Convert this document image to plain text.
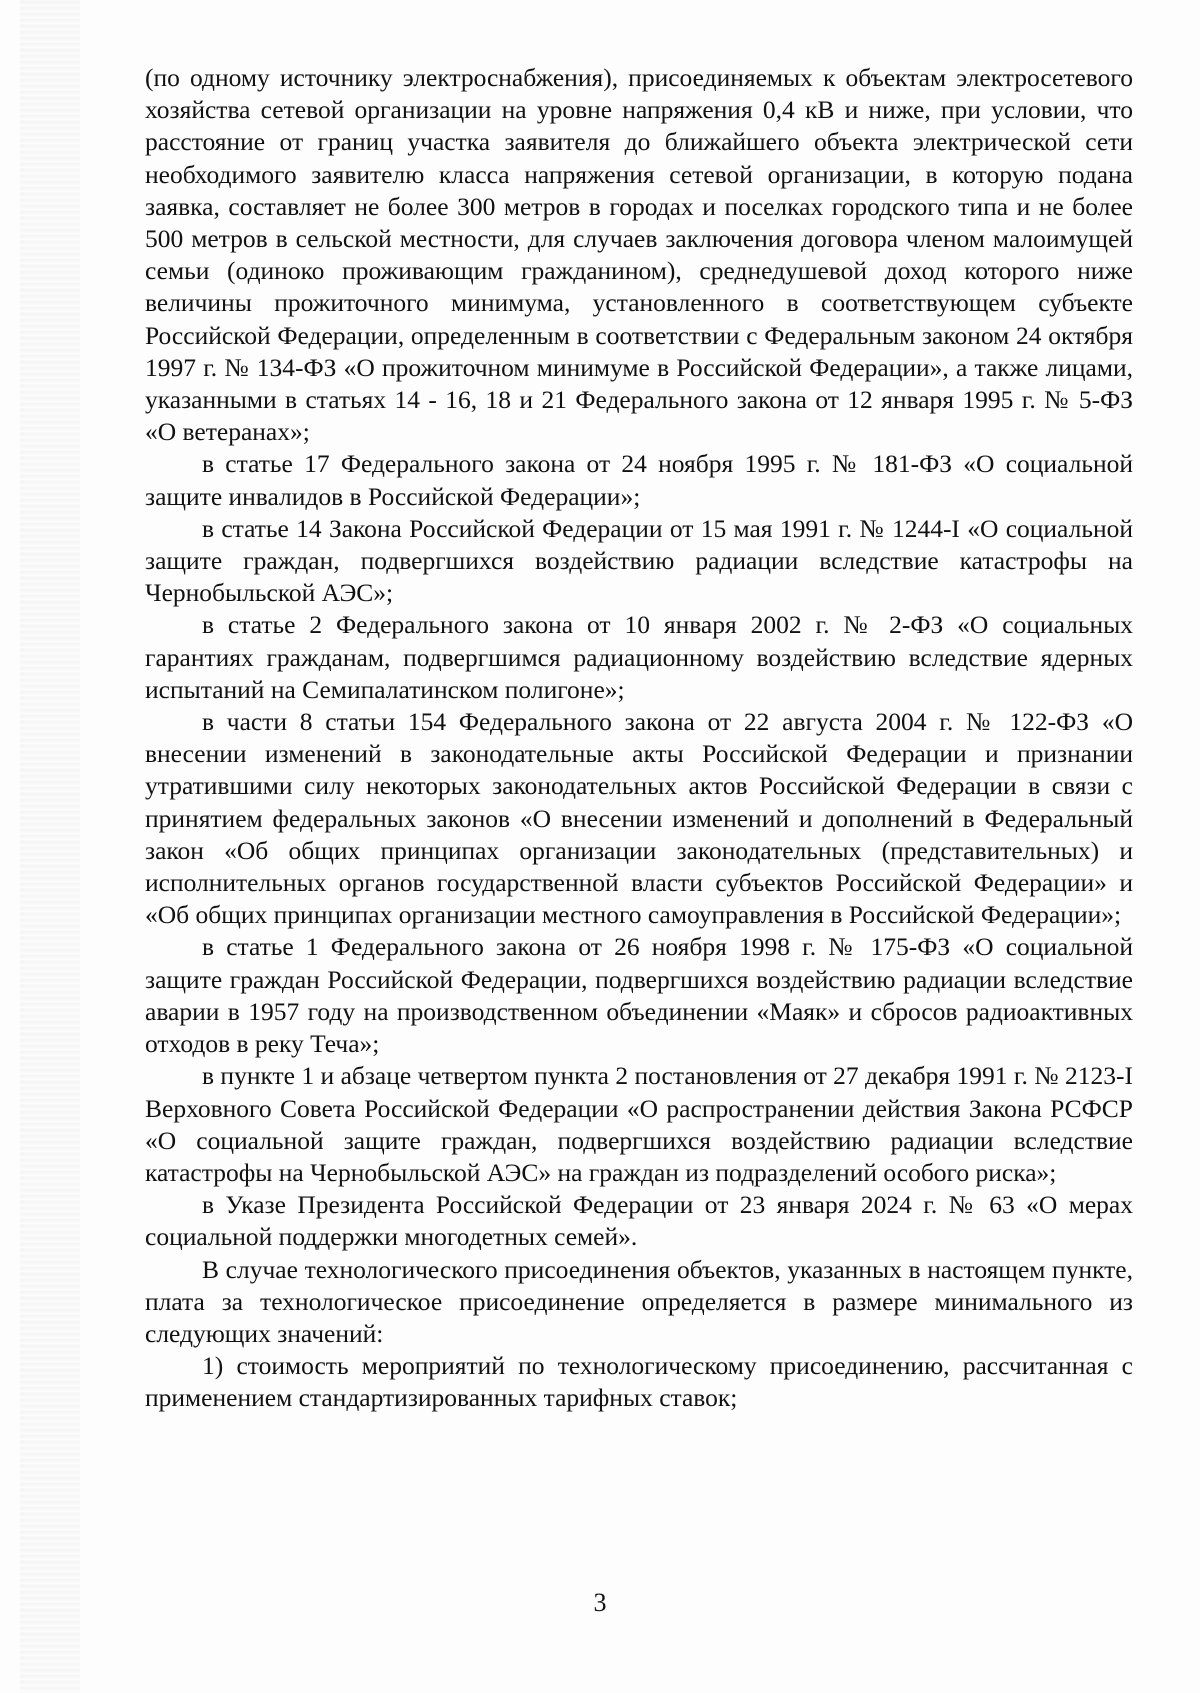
(по одному источнику электроснабжения), присоединяемых к объектам электросетевого хозяйства сетевой организации на уровне напряжения 0,4 кВ и ниже, при условии, что расстояние от границ участка заявителя до ближайшего объекта электрической сети необходимого заявителю класса напряжения сетевой организации, в которую подана заявка, составляет не более 300 метров в городах и поселках городского типа и не более 500 метров в сельской местности, для случаев заключения договора членом малоимущей семьи (одиноко проживающим гражданином), среднедушевой доход которого ниже величины прожиточного минимума, установленного в соответствующем субъекте Российской Федерации, определенным в соответствии с Федеральным законом 24 октября 1997 г. № 134-ФЗ «О прожиточном минимуме в Российской Федерации», а также лицами, указанными в статьях 14 - 16, 18 и 21 Федерального закона от 12 января 1995 г. № 5-ФЗ «О ветеранах»;

в статье 17 Федерального закона от 24 ноября 1995 г. № 181-ФЗ «О социальной защите инвалидов в Российской Федерации»;

в статье 14 Закона Российской Федерации от 15 мая 1991 г. № 1244-I «О социальной защите граждан, подвергшихся воздействию радиации вследствие катастрофы на Чернобыльской АЭС»;

в статье 2 Федерального закона от 10 января 2002 г. № 2-ФЗ «О социальных гарантиях гражданам, подвергшимся радиационному воздействию вследствие ядерных испытаний на Семипалатинском полигоне»;

в части 8 статьи 154 Федерального закона от 22 августа 2004 г. № 122-ФЗ «О внесении изменений в законодательные акты Российской Федерации и признании утратившими силу некоторых законодательных актов Российской Федерации в связи с принятием федеральных законов «О внесении изменений и дополнений в Федеральный закон «Об общих принципах организации законодательных (представительных) и исполнительных органов государственной власти субъектов Российской Федерации» и «Об общих принципах организации местного самоуправления в Российской Федерации»;

в статье 1 Федерального закона от 26 ноября 1998 г. № 175-ФЗ «О социальной защите граждан Российской Федерации, подвергшихся воздействию радиации вследствие аварии в 1957 году на производственном объединении «Маяк» и сбросов радиоактивных отходов в реку Теча»;

в пункте 1 и абзаце четвертом пункта 2 постановления от 27 декабря 1991 г. № 2123-I Верховного Совета Российской Федерации «О распространении действия Закона РСФСР «О социальной защите граждан, подвергшихся воздействию радиации вследствие катастрофы на Чернобыльской АЭС» на граждан из подразделений особого риска»;

в Указе Президента Российской Федерации от 23 января 2024 г. № 63 «О мерах социальной поддержки многодетных семей».

В случае технологического присоединения объектов, указанных в настоящем пункте, плата за технологическое присоединение определяется в размере минимального из следующих значений:

1) стоимость мероприятий по технологическому присоединению, рассчитанная с применением стандартизированных тарифных ставок;

3
